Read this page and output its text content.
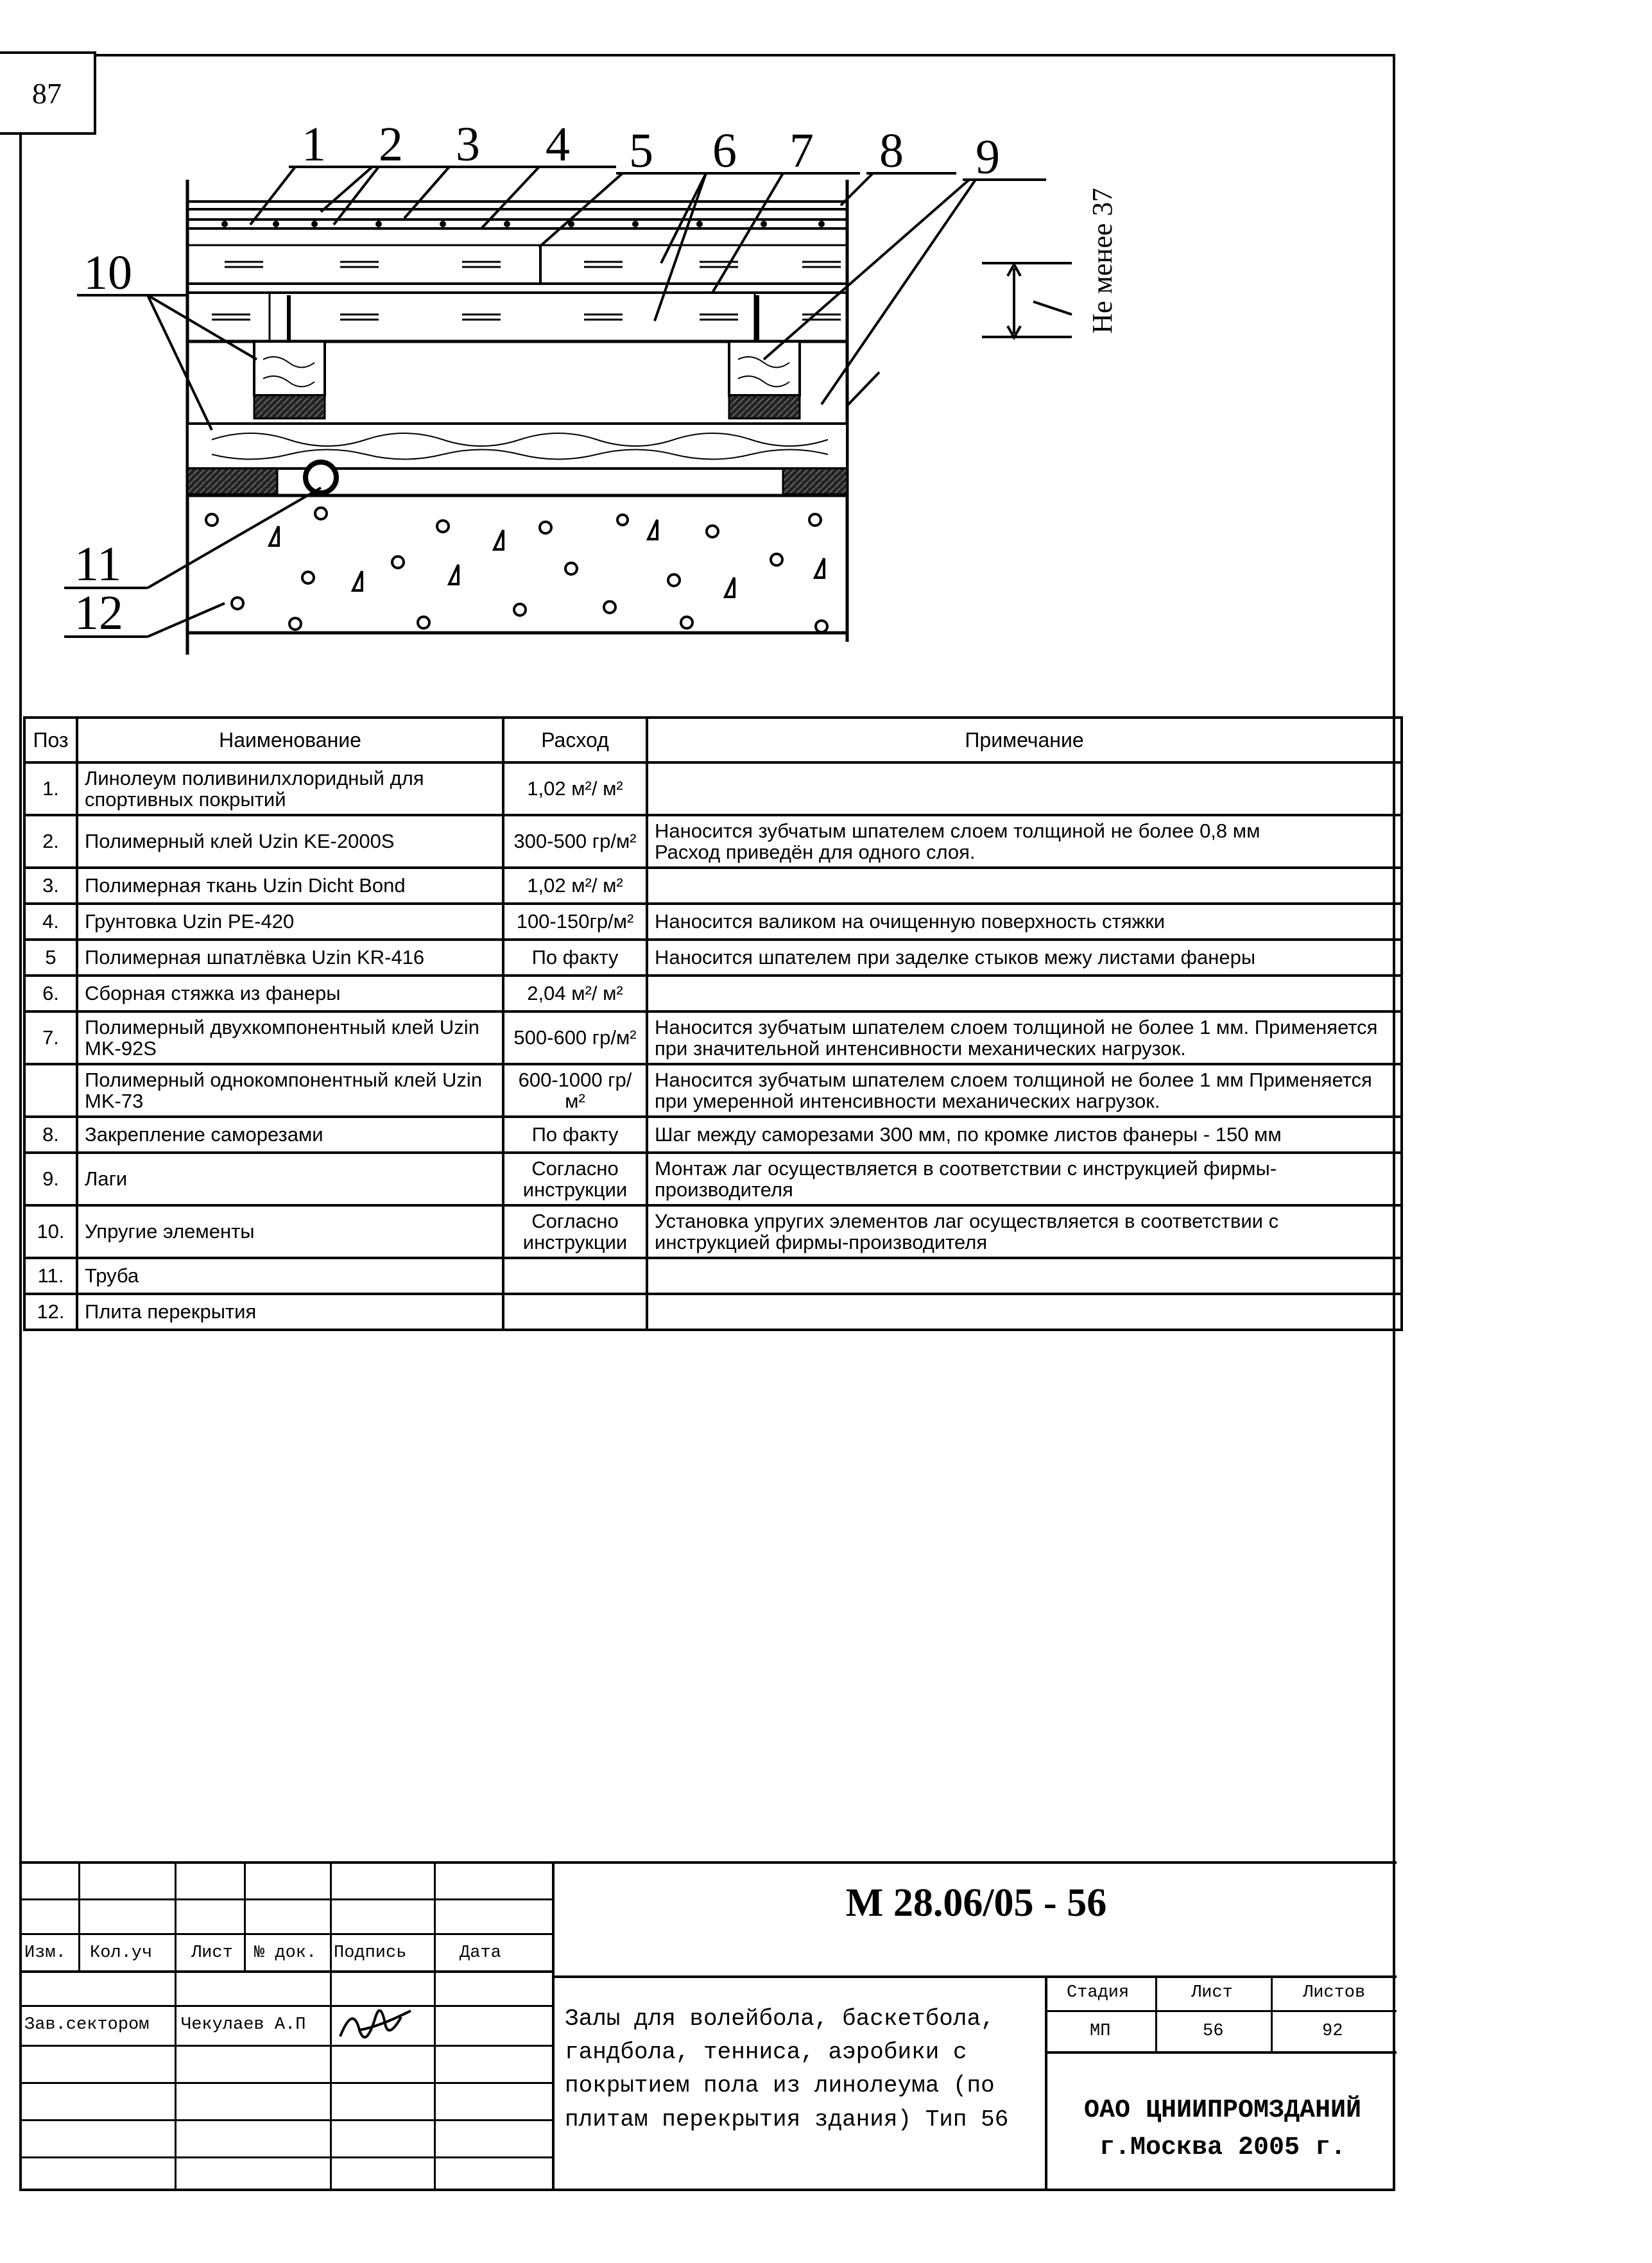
87
1 2 3 4 5 6 7 8 9
10
11
12
Не менее 37
Поз	Наименование	Расход	Примечание
1.	Линолеум поливинилхлоридный для спортивных покрытий	1,02 м²/ м²	
2.	Полимерный клей Uzin KE-2000S	300-500 гр/м²	Наносится зубчатым шпателем слоем толщиной не более 0,8 мм
Расход приведён для одного слоя.
3.	Полимерная ткань Uzin Dicht Bond	1,02 м²/ м²	
4.	Грунтовка Uzin PE-420	100-150гр/м²	Наносится валиком на очищенную поверхность стяжки
5	Полимерная шпатлёвка Uzin KR-416	По факту	Наносится шпателем при заделке стыков межу листами фанеры
6.	Сборная стяжка из фанеры	2,04 м²/ м²	
7.	Полимерный двухкомпонентный клей Uzin MK-92S	500-600 гр/м²	Наносится зубчатым шпателем слоем толщиной не более 1 мм. Применяется при значительной интенсивности механических нагрузок.
	Полимерный однокомпонентный клей Uzin MK-73	600-1000 гр/м²	Наносится зубчатым шпателем слоем толщиной не более 1 мм Применяется при умеренной интенсивности механических нагрузок.
8.	Закрепление саморезами	По факту	Шаг между саморезами 300 мм, по кромке листов фанеры - 150 мм
9.	Лаги	Согласно инструкции	Монтаж лаг осуществляется в соответствии с инструкцией фирмы-производителя
10.	Упругие элементы	Согласно инструкции	Установка упругих элементов лаг осуществляется в соответствии с инструкцией фирмы-производителя
11.	Труба		
12.	Плита перекрытия		
Изм. Кол.уч Лист № док. Подпись	Дата
Зав.сектором Чекулаев А.П
М 28.06/05 - 56
Залы для волейбола, баскетбола, гандбола, тенниса, аэробики с покрытием пола из линолеума (по плитам перекрытия здания) Тип 56
Стадия	Лист	Листов
МП	56	92
ОАО ЦНИИПРОМЗДАНИЙ
г.Москва 2005 г.
